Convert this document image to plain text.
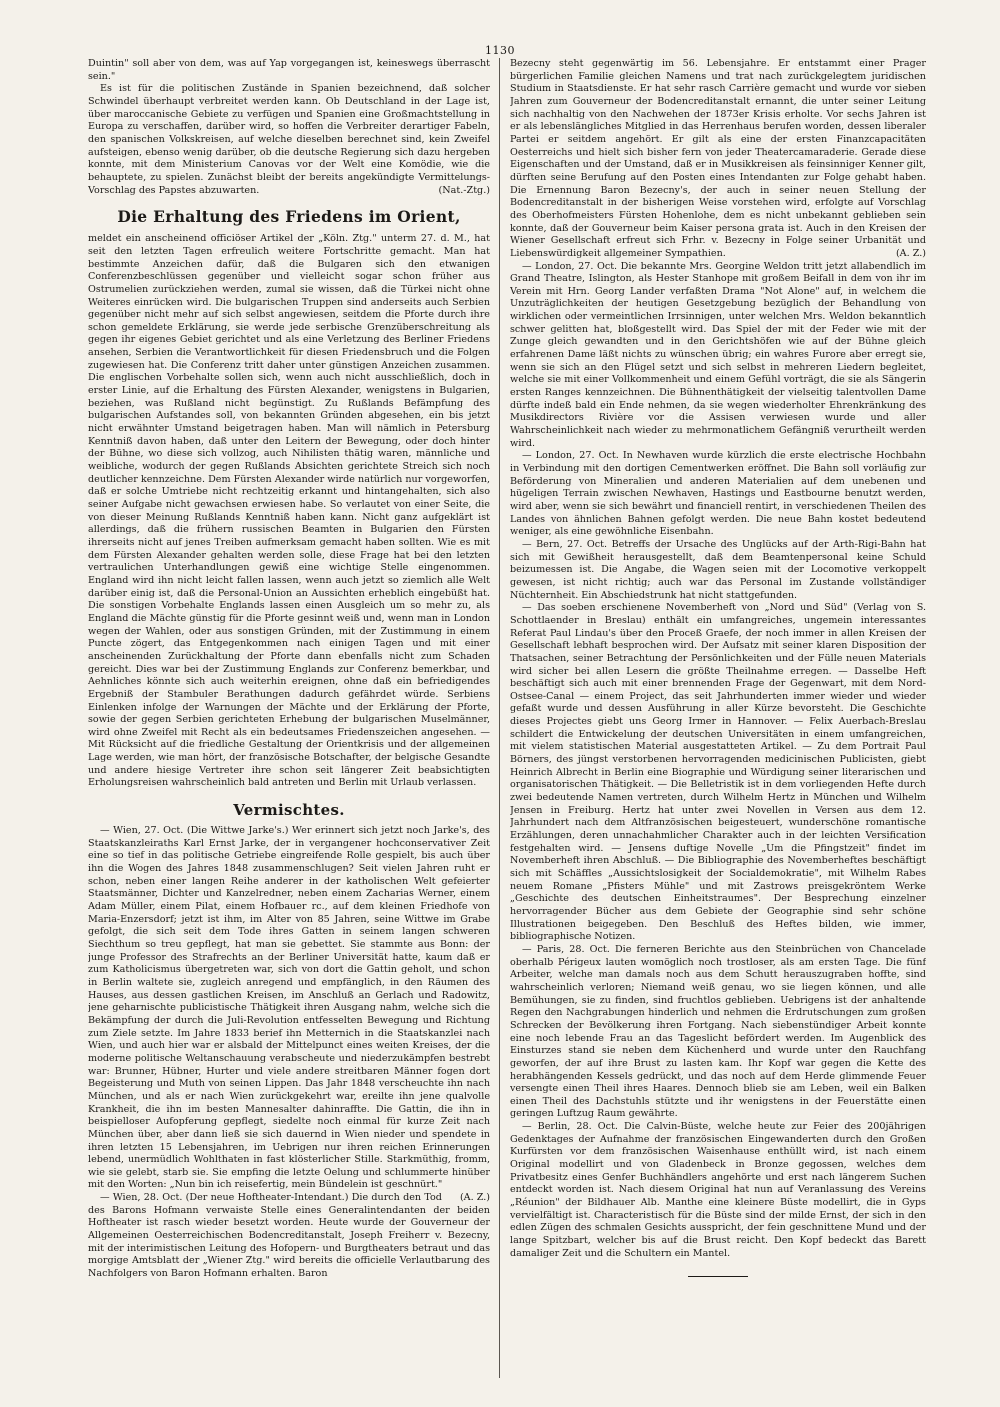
1130

Duintin" soll aber von dem, was auf Yap vorgegangen ist, keineswegs überrascht sein."

Es ist für die politischen Zustände in Spanien bezeichnend, daß solcher Schwindel überhaupt verbreitet werden kann. Ob Deutschland in der Lage ist, über maroccanische Gebiete zu verfügen und Spanien eine Großmachtstellung in Europa zu verschaffen, darüber wird, so hoffen die Verbreiter derartiger Fabeln, den spanischen Volkskreisen, auf welche dieselben berechnet sind, kein Zweifel aufsteigen, ebenso wenig darüber, ob die deutsche Regierung sich dazu hergeben konnte, mit dem Ministerium Canovas vor der Welt eine Komödie, wie die behauptete, zu spielen. Zunächst bleibt der bereits angekündigte Vermittelungs-Vorschlag des Papstes abzuwarten.	(Nat.-Ztg.)

Die Erhaltung des Friedens im Orient,

meldet ein anscheinend officiöser Artikel der „Köln. Ztg." unterm 27. d. M., hat seit den letzten Tagen erfreulich weitere Fortschritte gemacht. Man hat bestimmte Anzeichen dafür, daß die Bulgaren sich den etwanigen Conferenzbeschlüssen gegenüber und vielleicht sogar schon früher aus Ostrumelien zurückziehen werden, zumal sie wissen, daß die Türkei nicht ohne Weiteres einrücken wird. Die bulgarischen Truppen sind anderseits auch Serbien gegenüber nicht mehr auf sich selbst angewiesen, seitdem die Pforte durch ihre schon gemeldete Erklärung, sie werde jede serbische Grenzüberschreitung als gegen ihr eigenes Gebiet gerichtet und als eine Verletzung des Berliner Friedens ansehen, Serbien die Verantwortlichkeit für diesen Friedensbruch und die Folgen zugewiesen hat. Die Conferenz tritt daher unter günstigen Anzeichen zusammen. Die englischen Vorbehalte sollen sich, wenn auch nicht ausschließlich, doch in erster Linie, auf die Erhaltung des Fürsten Alexander, wenigstens in Bulgarien, beziehen, was Rußland nicht begünstigt. Zu Rußlands Befämpfung des bulgarischen Aufstandes soll, von bekannten Gründen abgesehen, ein bis jetzt nicht erwähnter Umstand beigetragen haben. Man will nämlich in Petersburg Kenntniß davon haben, daß unter den Leitern der Bewegung, oder doch hinter der Bühne, wo diese sich vollzog, auch Nihilisten thätig waren, männliche und weibliche, wodurch der gegen Rußlands Absichten gerichtete Streich sich noch deutlicher kennzeichne. Dem Fürsten Alexander wirde natürlich nur vorgeworfen, daß er solche Umtriebe nicht rechtzeitig erkannt und hintangehalten, sich also seiner Aufgabe nicht gewachsen erwiesen habe. So verlautet von einer Seite, die von dieser Meinung Rußlands Kenntniß haben kann. Nicht ganz aufgeklärt ist allerdings, daß die frühern russischen Beamten in Bulgarien den Fürsten ihrerseits nicht auf jenes Treiben aufmerksam gemacht haben sollten. Wie es mit dem Fürsten Alexander gehalten werden solle, diese Frage hat bei den letzten vertraulichen Unterhandlungen gewiß eine wichtige Stelle eingenommen. England wird ihn nicht leicht fallen lassen, wenn auch jetzt so ziemlich alle Welt darüber einig ist, daß die Personal-Union an Aussichten erheblich eingebüßt hat. Die sonstigen Vorbehalte Englands lassen einen Ausgleich um so mehr zu, als England die Mächte günstig für die Pforte gesinnt weiß und, wenn man in London wegen der Wahlen, oder aus sonstigen Gründen, mit der Zustimmung in einem Puncte zögert, das Entgegenkommen nach einigen Tagen und mit einer anscheinenden Zurückhaltung der Pforte dann ebenfalls nicht zum Schaden gereicht. Dies war bei der Zustimmung Englands zur Conferenz bemerkbar, und Aehnliches könnte sich auch weiterhin ereignen, ohne daß ein befriedigendes Ergebniß der Stambuler Berathungen dadurch gefährdet würde. Serbiens Einlenken infolge der Warnungen der Mächte und der Erklärung der Pforte, sowie der gegen Serbien gerichteten Erhebung der bulgarischen Muselmänner, wird ohne Zweifel mit Recht als ein bedeutsames Friedenszeichen angesehen. — Mit Rücksicht auf die friedliche Gestaltung der Orientkrisis und der allgemeinen Lage werden, wie man hört, der französische Botschafter, der belgische Gesandte und andere hiesige Vertreter ihre schon seit längerer Zeit beabsichtigten Erholungsreisen wahrscheinlich bald antreten und Berlin mit Urlaub verlassen.

Vermischtes.

— Wien, 27. Oct. (Die Wittwe Jarke's.) Wer erinnert sich jetzt noch Jarke's, des Staatskanzleiraths Karl Ernst Jarke, der in vergangener hochconservativer Zeit eine so tief in das politische Getriebe eingreifende Rolle gespielt, bis auch über ihn die Wogen des Jahres 1848 zusammenschlugen? Seit vielen Jahren ruht er schon, neben einer langen Reihe anderer in der katholischen Welt gefeierter Staatsmänner, Dichter und Kanzelredner, neben einem Zacharias Werner, einem Adam Müller, einem Pilat, einem Hofbauer rc., auf dem kleinen Friedhofe von Maria-Enzersdorf; jetzt ist ihm, im Alter von 85 Jahren, seine Wittwe im Grabe gefolgt, die sich seit dem Tode ihres Gatten in seinem langen schweren Siechthum so treu gepflegt, hat man sie gebettet. Sie stammte aus Bonn: der junge Professor des Strafrechts an der Berliner Universität hatte, kaum daß er zum Katholicismus übergetreten war, sich von dort die Gattin geholt, und schon in Berlin waltete sie, zugleich anregend und empfänglich, in den Räumen des Hauses, aus dessen gastlichen Kreisen, im Anschluß an Gerlach und Radowitz, jene geharnischte publicistische Thätigkeit ihren Ausgang nahm, welche sich die Bekämpfung der durch die Juli-Revolution entfesselten Bewegung und Richtung zum Ziele setzte. Im Jahre 1833 berief ihn Metternich in die Staatskanzlei nach Wien, und auch hier war er alsbald der Mittelpunct eines weiten Kreises, der die moderne politische Weltanschauung verabscheute und niederzukämpfen bestrebt war: Brunner, Hübner, Hurter und viele andere streitbaren Männer fogen dort Begeisterung und Muth von seinen Lippen. Das Jahr 1848 verscheuchte ihn nach München, und als er nach Wien zurückgekehrt war, ereilte ihn jene qualvolle Krankheit, die ihn im besten Mannesalter dahinraffte. Die Gattin, die ihn in beispielloser Aufopferung gepflegt, siedelte noch einmal für kurze Zeit nach München über, aber dann ließ sie sich dauernd in Wien nieder und spendete in ihren letzten 15 Lebensjahren, im Uebrigen nur ihren reichen Erinnerungen lebend, unermüdlich Wohlthaten in fast klösterlicher Stille. Starkmüthig, fromm, wie sie gelebt, starb sie. Sie empfing die letzte Oelung und schlummerte hinüber mit den Worten: „Nun bin ich reisefertig, mein Bündelein ist geschnürt."
(A. Z.)

— Wien, 28. Oct. (Der neue Hoftheater-Intendant.) Die durch den Tod des Barons Hofmann verwaiste Stelle eines Generalintendanten der beiden Hoftheater ist rasch wieder besetzt worden. Heute wurde der Gouverneur der Allgemeinen Oesterreichischen Bodencreditanstalt, Joseph Freiherr v. Bezecny, mit der interimistischen Leitung des Hofopern- und Burgtheaters betraut und das morgige Amtsblatt der „Wiener Ztg." wird bereits die officielle Verlautbarung des Nachfolgers von Baron Hofmann erhalten. Baron

Bezecny steht gegenwärtig im 56. Lebensjahre. Er entstammt einer Prager bürgerlichen Familie gleichen Namens und trat nach zurückgelegtem juridischen Studium in Staatsdienste. Er hat sehr rasch Carrière gemacht und wurde vor sieben Jahren zum Gouverneur der Bodencreditanstalt ernannt, die unter seiner Leitung sich nachhaltig von den Nachwehen der 1873er Krisis erholte. Vor sechs Jahren ist er als lebenslängliches Mitglied in das Herrenhaus berufen worden, dessen liberaler Partei er seitdem angehört. Er gilt als eine der ersten Finanzcapacitäten Oesterreichs und hielt sich bisher fern von jeder Theatercamaraderie. Gerade diese Eigenschaften und der Umstand, daß er in Musikkreisen als feinsinniger Kenner gilt, dürften seine Berufung auf den Posten eines Intendanten zur Folge gehabt haben. Die Ernennung Baron Bezecny's, der auch in seiner neuen Stellung der Bodencreditanstalt in der bisherigen Weise vorstehen wird, erfolgte auf Vorschlag des Oberhofmeisters Fürsten Hohenlohe, dem es nicht unbekannt geblieben sein konnte, daß der Gouverneur beim Kaiser persona grata ist. Auch in den Kreisen der Wiener Gesellschaft erfreut sich Frhr. v. Bezecny in Folge seiner Urbanität und Liebenswürdigkeit allgemeiner Sympathien.	(A. Z.)

— London, 27. Oct. Die bekannte Mrs. Georgine Weldon tritt jetzt allabendlich im Grand Theatre, Islington, als Hester Stanhope mit großem Beifall in dem von ihr im Verein mit Hrn. Georg Lander verfaßten Drama "Not Alone" auf, in welchem die Unzuträglichkeiten der heutigen Gesetzgebung bezüglich der Behandlung von wirklichen oder vermeintlichen Irrsinnigen, unter welchen Mrs. Weldon bekanntlich schwer gelitten hat, bloßgestellt wird. Das Spiel der mit der Feder wie mit der Zunge gleich gewandten und in den Gerichtshöfen wie auf der Bühne gleich erfahrenen Dame läßt nichts zu wünschen übrig; ein wahres Furore aber erregt sie, wenn sie sich an den Flügel setzt und sich selbst in mehreren Liedern begleitet, welche sie mit einer Vollkommenheit und einem Gefühl vorträgt, die sie als Sängerin ersten Ranges kennzeichnen. Die Bühnenthätigkeit der vielseitig talentvollen Dame dürfte indeß bald ein Ende nehmen, da sie wegen wiederholter Ehrenkränkung des Musikdirectors Rivière vor die Assisen verwiesen wurde und aller Wahrscheinlichkeit nach wieder zu mehrmonatlichem Gefängniß verurtheilt werden wird.

— London, 27. Oct. In Newhaven wurde kürzlich die erste electrische Hochbahn in Verbindung mit den dortigen Cementwerken eröffnet. Die Bahn soll vorläufig zur Beförderung von Mineralien und anderen Materialien auf dem unebenen und hügeligen Terrain zwischen Newhaven, Hastings und Eastbourne benutzt werden, wird aber, wenn sie sich bewährt und financiell rentirt, in verschiedenen Theilen des Landes von ähnlichen Bahnen gefolgt werden. Die neue Bahn kostet bedeutend weniger, als eine gewöhnliche Eisenbahn.

— Bern, 27. Oct. Betreffs der Ursache des Unglücks auf der Arth-Rigi-Bahn hat sich mit Gewißheit herausgestellt, daß dem Beamtenpersonal keine Schuld beizumessen ist. Die Angabe, die Wagen seien mit der Locomotive verkoppelt gewesen, ist nicht richtig; auch war das Personal im Zustande vollständiger Nüchternheit. Ein Abschiedstrunk hat nicht stattgefunden.

— Das soeben erschienene Novemberheft von „Nord und Süd" (Verlag von S. Schottlaender in Breslau) enthält ein umfangreiches, ungemein interessantes Referat Paul Lindau's über den Proceß Graefe, der noch immer in allen Kreisen der Gesellschaft lebhaft besprochen wird. Der Aufsatz mit seiner klaren Disposition der Thatsachen, seiner Betrachtung der Persönlichkeiten und der Fülle neuen Materials wird sicher bei allen Lesern die größte Theilnahme erregen. — Dasselbe Heft beschäftigt sich auch mit einer brennenden Frage der Gegenwart, mit dem Nord-Ostsee-Canal — einem Project, das seit Jahrhunderten immer wieder und wieder gefaßt wurde und dessen Ausführung in aller Kürze bevorsteht. Die Geschichte dieses Projectes giebt uns Georg Irmer in Hannover. — Felix Auerbach-Breslau schildert die Entwickelung der deutschen Universitäten in einem umfangreichen, mit vielem statistischen Material ausgestatteten Artikel. — Zu dem Portrait Paul Börners, des jüngst verstorbenen hervorragenden medicinischen Publicisten, giebt Heinrich Albrecht in Berlin eine Biographie und Würdigung seiner literarischen und organisatorischen Thätigkeit. — Die Belletristik ist in dem vorliegenden Hefte durch zwei bedeutende Namen vertreten, durch Wilhelm Hertz in München und Wilhelm Jensen in Freiburg. Hertz hat unter zwei Novellen in Versen aus dem 12. Jahrhundert nach dem Altfranzösischen beigesteuert, wunderschöne romantische Erzählungen, deren unnachahmlicher Charakter auch in der leichten Versification festgehalten wird. — Jensens duftige Novelle „Um die Pfingstzeit" findet im Novemberheft ihren Abschluß. — Die Bibliographie des Novemberheftes beschäftigt sich mit Schäffles „Aussichtslosigkeit der Socialdemokratie", mit Wilhelm Rabes neuem Romane „Pfisters Mühle" und mit Zastrows preisgekröntem Werke „Geschichte des deutschen Einheitstraumes". Der Besprechung einzelner hervorragender Bücher aus dem Gebiete der Geographie sind sehr schöne Illustrationen beigegeben. Den Beschluß des Heftes bilden, wie immer, bibliographische Notizen.

— Paris, 28. Oct. Die ferneren Berichte aus den Steinbrüchen von Chancelade oberhalb Périgeux lauten womöglich noch trostloser, als am ersten Tage. Die fünf Arbeiter, welche man damals noch aus dem Schutt herauszugraben hoffte, sind wahrscheinlich verloren; Niemand weiß genau, wo sie liegen können, und alle Bemühungen, sie zu finden, sind fruchtlos geblieben. Uebrigens ist der anhaltende Regen den Nachgrabungen hinderlich und nehmen die Erdrutschungen zum großen Schrecken der Bevölkerung ihren Fortgang. Nach siebenstündiger Arbeit konnte eine noch lebende Frau an das Tageslicht befördert werden. Im Augenblick des Einsturzes stand sie neben dem Küchenherd und wurde unter den Rauchfang geworfen, der auf ihre Brust zu lasten kam. Ihr Kopf war gegen die Kette des herabhängenden Kessels gedrückt, und das noch auf dem Herde glimmende Feuer versengte einen Theil ihres Haares. Dennoch blieb sie am Leben, weil ein Balken einen Theil des Dachstuhls stützte und ihr wenigstens in der Feuerstätte einen geringen Luftzug Raum gewährte.

— Berlin, 28. Oct. Die Calvin-Büste, welche heute zur Feier des 200jährigen Gedenktages der Aufnahme der französischen Eingewanderten durch den Großen Kurfürsten vor dem französischen Waisenhause enthüllt wird, ist nach einem Original modellirt und von Gladenbeck in Bronze gegossen, welches dem Privatbesitz eines Genfer Buchhändlers angehörte und erst nach längerem Suchen entdeckt worden ist. Nach diesem Original hat nun auf Veranlassung des Vereins „Réunion" der Bildhauer Alb. Manthe eine kleinere Büste modellirt, die in Gyps vervielfältigt ist. Characteristisch für die Büste sind der milde Ernst, der sich in den edlen Zügen des schmalen Gesichts ausspricht, der fein geschnittene Mund und der lange Spitzbart, welcher bis auf die Brust reicht. Den Kopf bedeckt das Barett damaliger Zeit und die Schultern ein Mantel.
